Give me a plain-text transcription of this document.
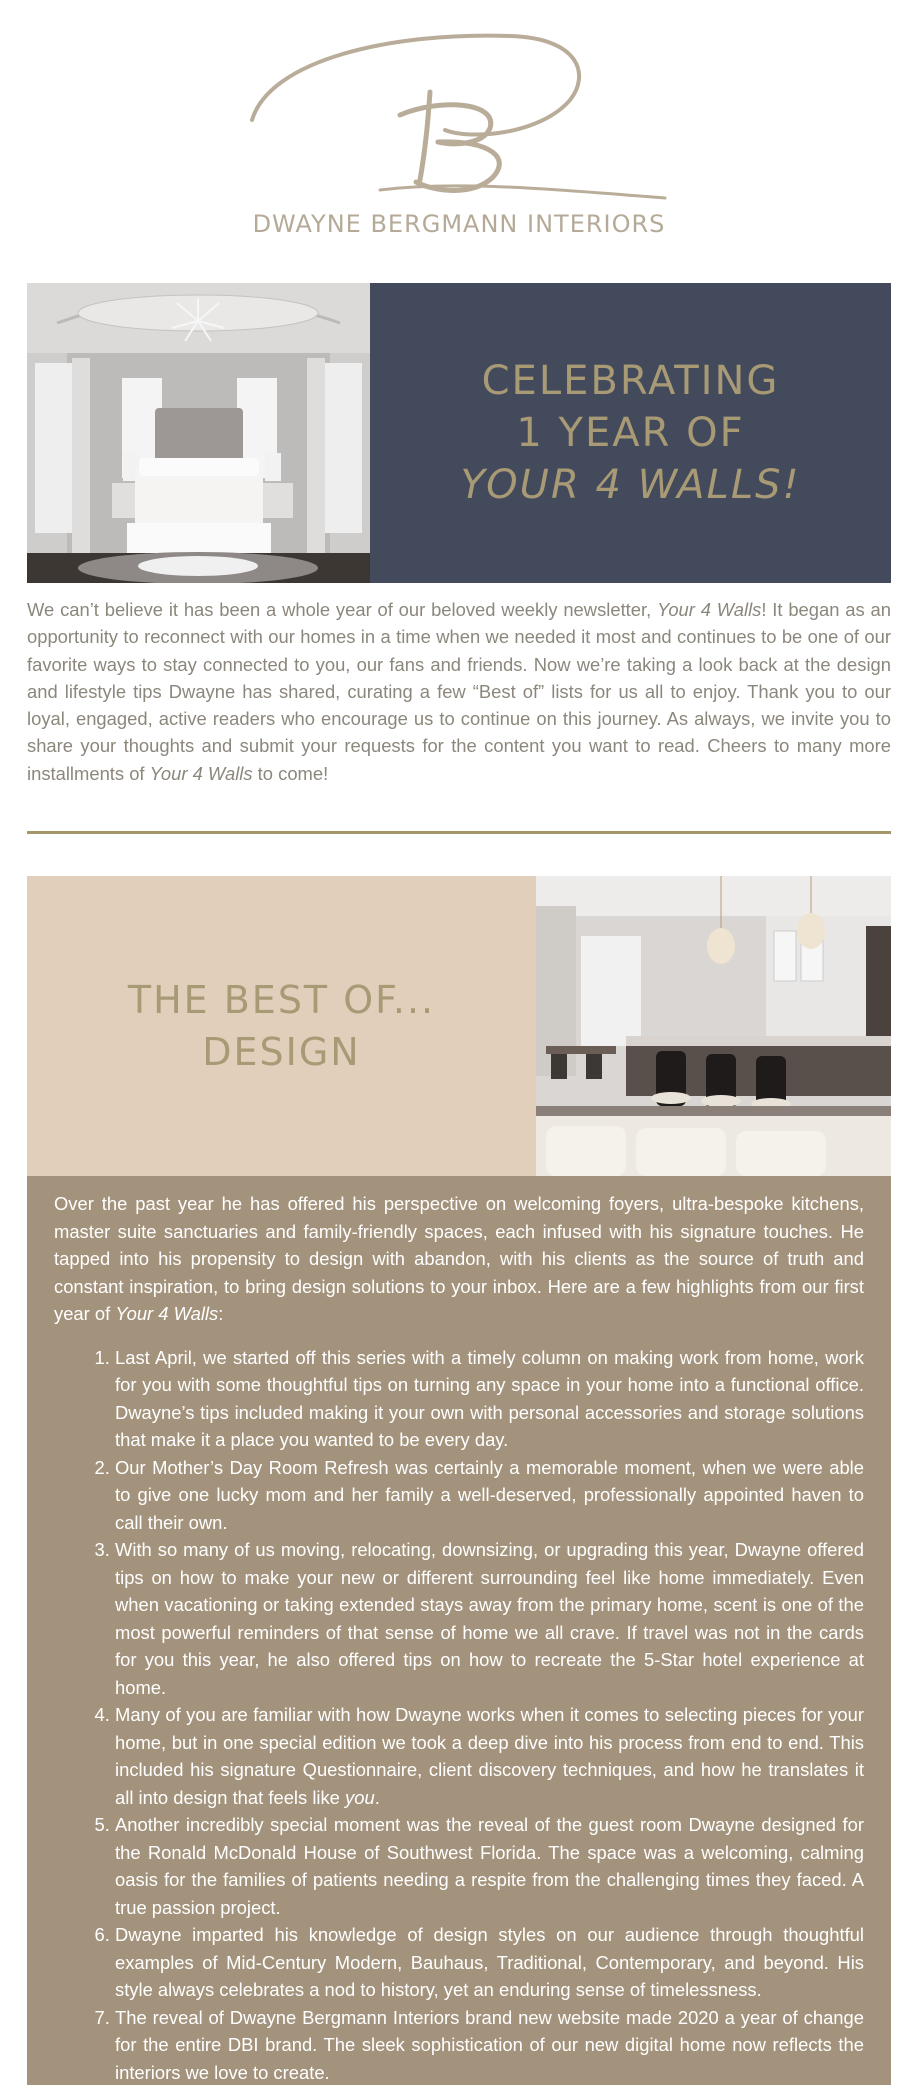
DWAYNE BERGMANN INTERIORS
CELEBRATING
1 YEAR OF
YOUR 4 WALLS!

We can’t believe it has been a whole year of our beloved weekly newsletter, Your 4 Walls! It began as an opportunity to reconnect with our homes in a time when we needed it most and continues to be one of our favorite ways to stay connected to you, our fans and friends. Now we’re taking a look back at the design and lifestyle tips Dwayne has shared, curating a few “Best of” lists for us all to enjoy. Thank you to our loyal, engaged, active readers who encourage us to continue on this journey. As always, we invite you to share your thoughts and submit your requests for the content you want to read. Cheers to many more installments of Your 4 Walls to come!

THE BEST OF...
DESIGN

Over the past year he has offered his perspective on welcoming foyers, ultra-bespoke kitchens, master suite sanctuaries and family-friendly spaces, each infused with his signature touches. He tapped into his propensity to design with abandon, with his clients as the source of truth and constant inspiration, to bring design solutions to your inbox. Here are a few highlights from our first year of Your 4 Walls:

1. Last April, we started off this series with a timely column on making work from home, work for you with some thoughtful tips on turning any space in your home into a functional office. Dwayne’s tips included making it your own with personal accessories and storage solutions that make it a place you wanted to be every day.
2. Our Mother’s Day Room Refresh was certainly a memorable moment, when we were able to give one lucky mom and her family a well-deserved, professionally appointed haven to call their own.
3. With so many of us moving, relocating, downsizing, or upgrading this year, Dwayne offered tips on how to make your new or different surrounding feel like home immediately. Even when vacationing or taking extended stays away from the primary home, scent is one of the most powerful reminders of that sense of home we all crave. If travel was not in the cards for you this year, he also offered tips on how to recreate the 5-Star hotel experience at home.
4. Many of you are familiar with how Dwayne works when it comes to selecting pieces for your home, but in one special edition we took a deep dive into his process from end to end. This included his signature Questionnaire, client discovery techniques, and how he translates it all into design that feels like you.
5. Another incredibly special moment was the reveal of the guest room Dwayne designed for the Ronald McDonald House of Southwest Florida. The space was a welcoming, calming oasis for the families of patients needing a respite from the challenging times they faced. A true passion project.
6. Dwayne imparted his knowledge of design styles on our audience through thoughtful examples of Mid-Century Modern, Bauhaus, Traditional, Contemporary, and beyond. His style always celebrates a nod to history, yet an enduring sense of timelessness.
7. The reveal of Dwayne Bergmann Interiors brand new website made 2020 a year of change for the entire DBI brand. The sleek sophistication of our new digital home now reflects the interiors we love to create.
